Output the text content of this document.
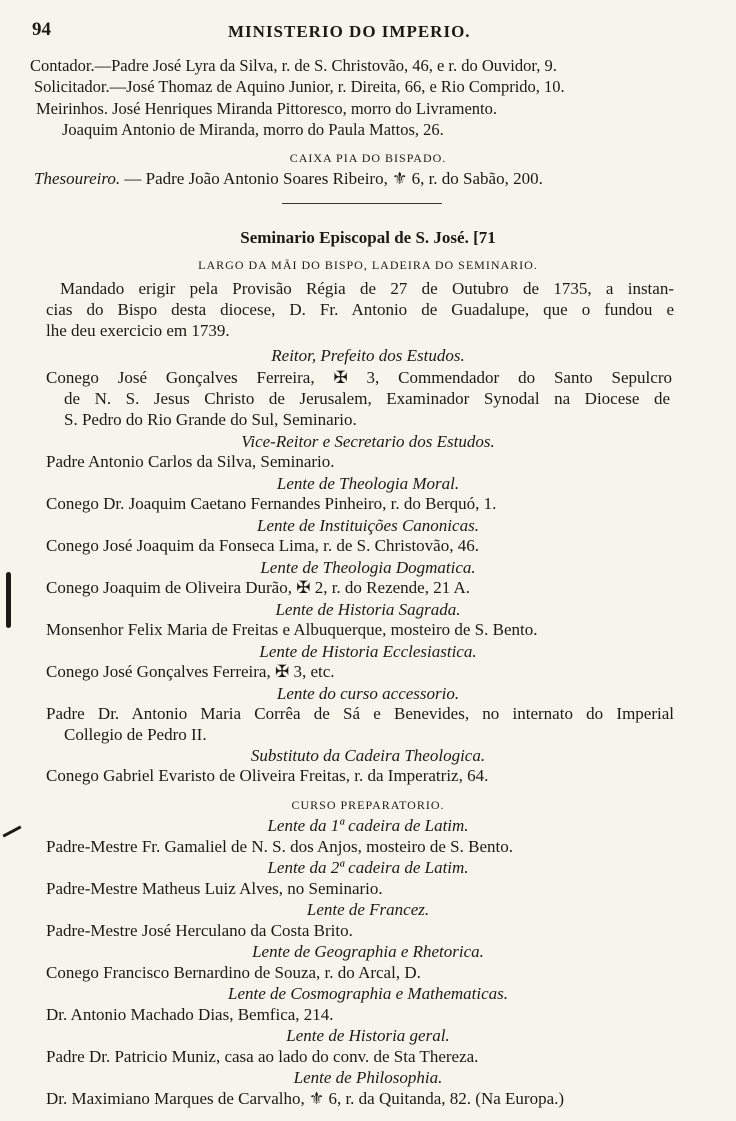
94	MINISTERIO DO IMPERIO.
Contador.—Padre José Lyra da Silva, r. de S. Christovão, 46, e r. do Ouvidor, 9.
Solicitador.—José Thomaz de Aquino Junior, r. Direita, 66, e Rio Comprido, 10.
Meirinhos. José Henriques Miranda Pittoresco, morro do Livramento.
Joaquim Antonio de Miranda, morro do Paula Mattos, 26.
CAIXA PIA DO BISPADO.
Thesoureiro. — Padre João Antonio Soares Ribeiro, ⚜ 6, r. do Sabão, 200.
Seminario Episcopal de S. José. [71
LARGO DA MÃI DO BISPO, LADEIRA DO SEMINARIO.
Mandado erigir pela Provisão Régia de 27 de Outubro de 1735, a instan-
cias do Bispo desta diocese, D. Fr. Antonio de Guadalupe, que o fundou e
lhe deu exercicio em 1739.
Reitor, Prefeito dos Estudos.
Conego José Gonçalves Ferreira, ✠ 3, Commendador do Santo Sepulcro
de N. S. Jesus Christo de Jerusalem, Examinador Synodal na Diocese de
S. Pedro do Rio Grande do Sul, Seminario.
Vice-Reitor e Secretario dos Estudos.
Padre Antonio Carlos da Silva, Seminario.
Lente de Theologia Moral.
Conego Dr. Joaquim Caetano Fernandes Pinheiro, r. do Berquó, 1.
Lente de Instituições Canonicas.
Conego José Joaquim da Fonseca Lima, r. de S. Christovão, 46.
Lente de Theologia Dogmatica.
Conego Joaquim de Oliveira Durão, ✠ 2, r. do Rezende, 21 A.
Lente de Historia Sagrada.
Monsenhor Felix Maria de Freitas e Albuquerque, mosteiro de S. Bento.
Lente de Historia Ecclesiastica.
Conego José Gonçalves Ferreira, ✠ 3, etc.
Lente do curso accessorio.
Padre Dr. Antonio Maria Corrêa de Sá e Benevides, no internato do Imperial
Collegio de Pedro II.
Substituto da Cadeira Theologica.
Conego Gabriel Evaristo de Oliveira Freitas, r. da Imperatriz, 64.
CURSO PREPARATORIO.
Lente da 1ª cadeira de Latim.
Padre-Mestre Fr. Gamaliel de N. S. dos Anjos, mosteiro de S. Bento.
Lente da 2ª cadeira de Latim.
Padre-Mestre Matheus Luiz Alves, no Seminario.
Lente de Francez.
Padre-Mestre José Herculano da Costa Brito.
Lente de Geographia e Rhetorica.
Conego Francisco Bernardino de Souza, r. do Arcal, D.
Lente de Cosmographia e Mathematicas.
Dr. Antonio Machado Dias, Bemfica, 214.
Lente de Historia geral.
Padre Dr. Patricio Muniz, casa ao lado do conv. de Sta Thereza.
Lente de Philosophia.
Dr. Maximiano Marques de Carvalho, ⚜ 6, r. da Quitanda, 82. (Na Europa.)
